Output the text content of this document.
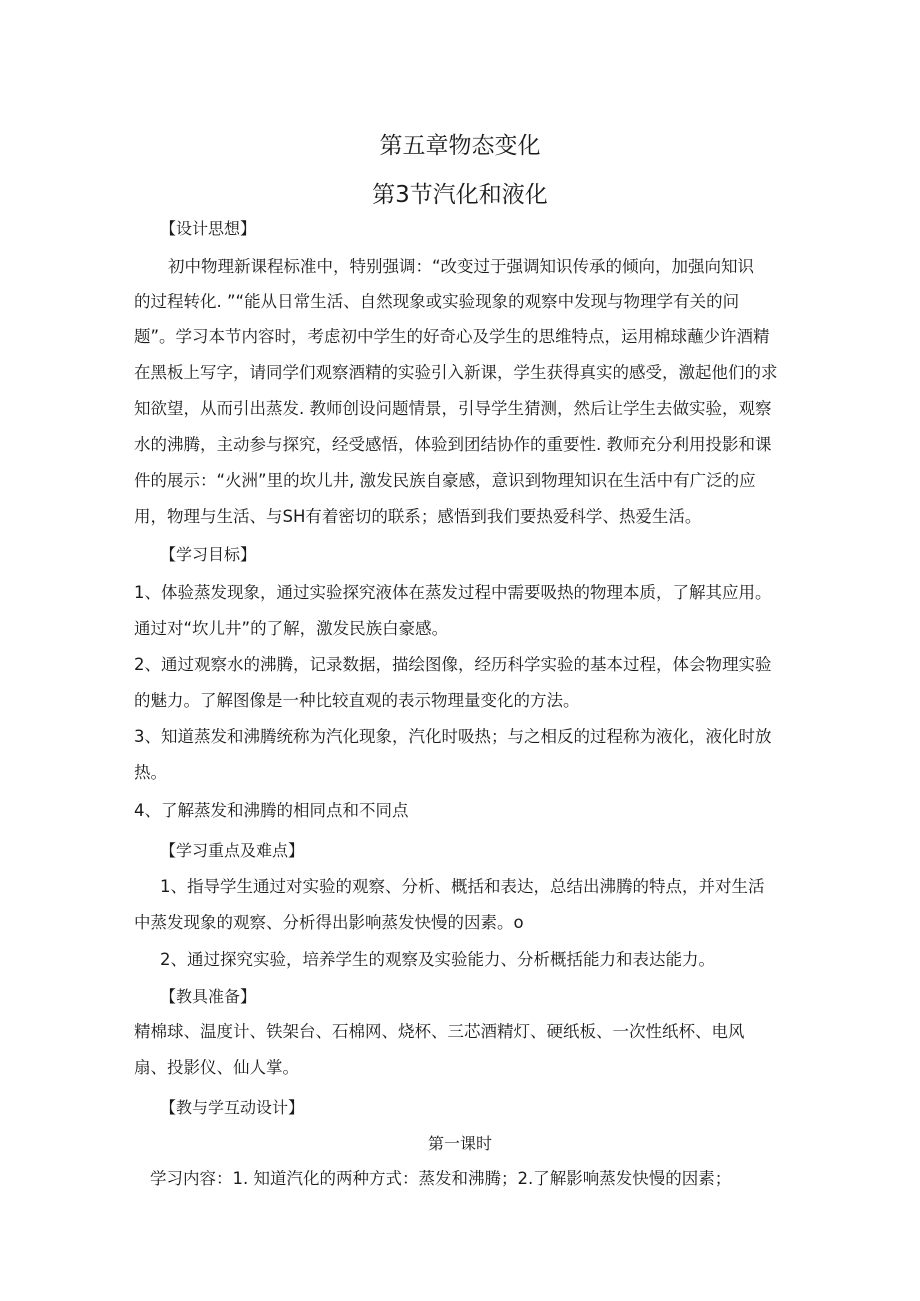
第五章物态变化
第3节汽化和液化
【设计思想】
初中物理新课程标准中，特别强调：“改变过于强调知识传承的倾向，加强向知识
的过程转化. ”“能从日常生活、自然现象或实验现象的观察中发现与物理学有关的问
题”。学习本节内容时，考虑初中学生的好奇心及学生的思维特点，运用棉球蘸少许酒精
在黑板上写字，请同学们观察酒精的实验引入新课，学生获得真实的感受，激起他们的求
知欲望，从而引出蒸发. 教师创设问题情景，引导学生猜测，然后让学生去做实验，观察
水的沸腾，主动参与探究，经受感悟，体验到团结协作的重要性. 教师充分利用投影和课
件的展示：“火洲”里的坎儿井, 激发民族自豪感，意识到物理知识在生活中有广泛的应
用，物理与生活、与SH有着密切的联系；感悟到我们要热爱科学、热爱生活。
【学习目标】
1、体验蒸发现象，通过实验探究液体在蒸发过程中需要吸热的物理本质，了解其应用。
通过对“坎儿井”的了解，激发民族白豪感。
2、通过观察水的沸腾，记录数据，描绘图像，经历科学实验的基本过程，体会物理实验
的魅力。了解图像是一种比较直观的表示物理量变化的方法。
3、知道蒸发和沸腾统称为汽化现象，汽化时吸热；与之相反的过程称为液化，液化时放
热。
4、了解蒸发和沸腾的相同点和不同点
【学习重点及难点】
1、指导学生通过对实验的观察、分析、概括和表达，总结出沸腾的特点，并对生活
中蒸发现象的观察、分析得出影响蒸发快慢的因素。o
2、通过探究实验，培养学生的观察及实验能力、分析概括能力和表达能力。
【教具准备】
精棉球、温度计、铁架台、石棉网、烧杯、三芯酒精灯、硬纸板、一次性纸杯、电风
扇、投影仪、仙人掌。
【教与学互动设计】
第一课时
学习内容：1. 知道汽化的两种方式：蒸发和沸腾；2.了解影响蒸发快慢的因素；
